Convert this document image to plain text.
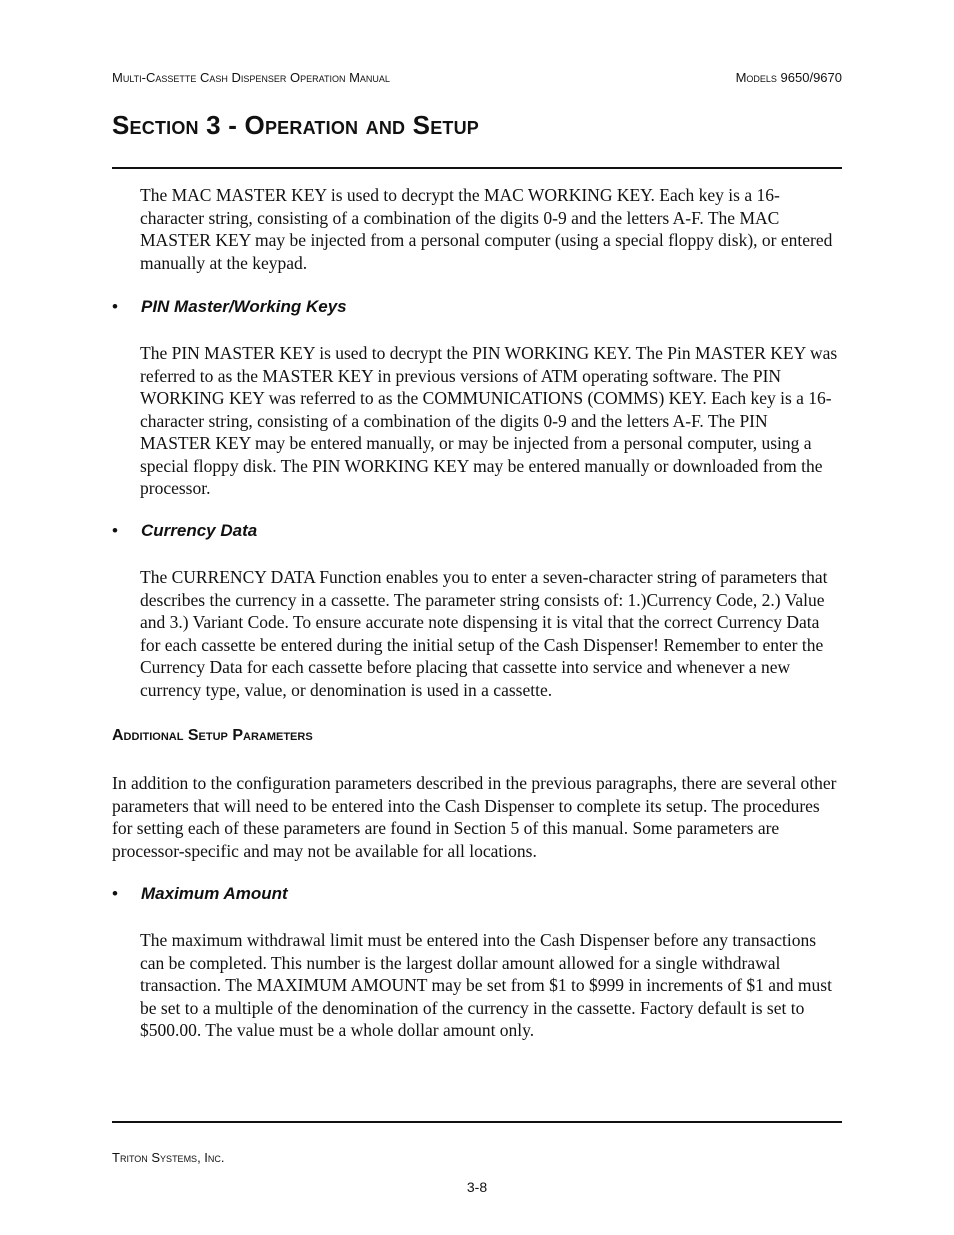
Multi-Cassette Cash Dispenser Operation Manual	Models 9650/9670
Section 3 - Operation and Setup

The MAC MASTER KEY is used to decrypt the MAC WORKING KEY. Each key is a 16-character string, consisting of a combination of the digits 0-9 and the letters A-F. The MAC MASTER KEY may be injected from a personal computer (using a special floppy disk), or entered manually at the keypad.

• PIN Master/Working Keys

The PIN MASTER KEY is used to decrypt the PIN WORKING KEY. The Pin MASTER KEY was referred to as the MASTER KEY in previous versions of ATM operating software. The PIN WORKING KEY was referred to as the COMMUNICATIONS (COMMS) KEY. Each key is a 16-character string, consisting of a combination of the digits 0-9 and the letters A-F. The PIN MASTER KEY may be entered manually, or may be injected from a personal computer, using a special floppy disk. The PIN WORKING KEY may be entered manually or downloaded from the processor.

• Currency Data

The CURRENCY DATA Function enables you to enter a seven-character string of parameters that describes the currency in a cassette. The parameter string consists of: 1.)Currency Code, 2.) Value and 3.) Variant Code. To ensure accurate note dispensing it is vital that the correct Currency Data for each cassette be entered during the initial setup of the Cash Dispenser! Remember to enter the Currency Data for each cassette before placing that cassette into service and whenever a new currency type, value, or denomination is used in a cassette.

Additional Setup Parameters

In addition to the configuration parameters described in the previous paragraphs, there are several other parameters that will need to be entered into the Cash Dispenser to complete its setup. The procedures for setting each of these parameters are found in Section 5 of this manual. Some parameters are processor-specific and may not be available for all locations.

• Maximum Amount

The maximum withdrawal limit must be entered into the Cash Dispenser before any transactions can be completed. This number is the largest dollar amount allowed for a single withdrawal transaction. The MAXIMUM AMOUNT may be set from $1 to $999 in increments of $1 and must be set to a multiple of the denomination of the currency in the cassette. Factory default is set to $500.00. The value must be a whole dollar amount only.

Triton Systems, Inc.
3-8
